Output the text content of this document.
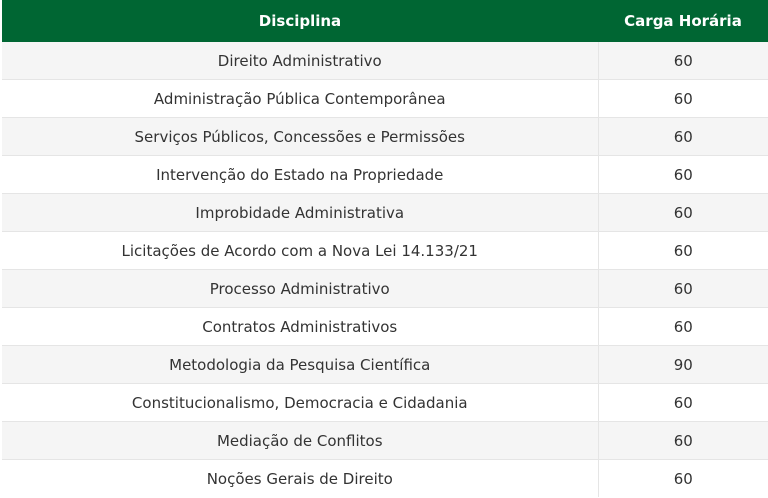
Disciplina	Carga Horária
Direito Administrativo	60
Administração Pública Contemporânea	60
Serviços Públicos, Concessões e Permissões	60
Intervenção do Estado na Propriedade	60
Improbidade Administrativa	60
Licitações de Acordo com a Nova Lei 14.133/21	60
Processo Administrativo	60
Contratos Administrativos	60
Metodologia da Pesquisa Científica	90
Constitucionalismo, Democracia e Cidadania	60
Mediação de Conflitos	60
Noções Gerais de Direito	60
